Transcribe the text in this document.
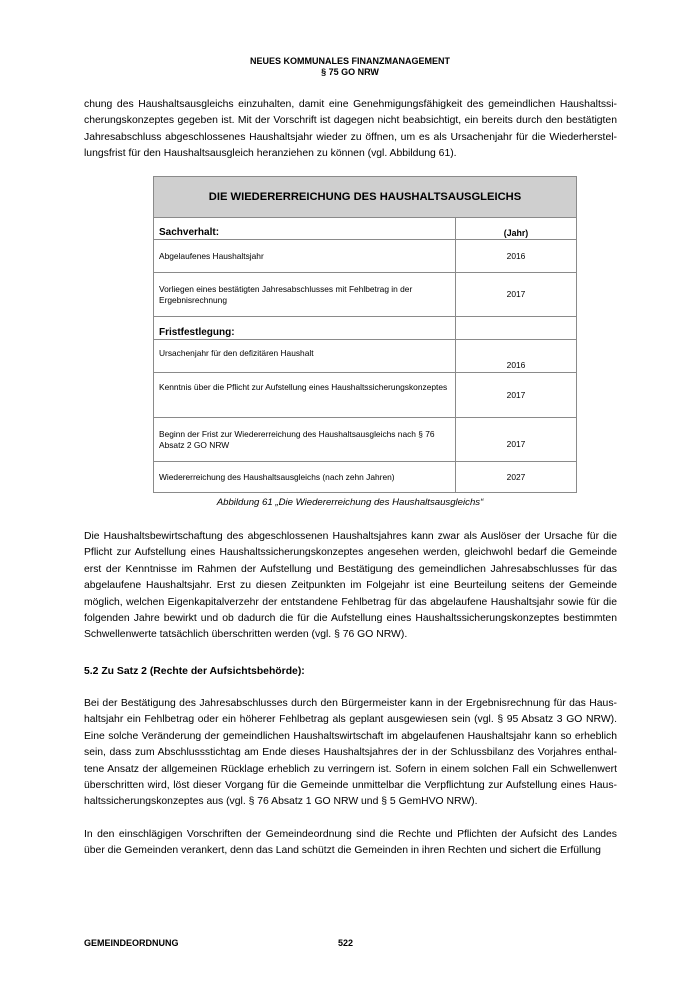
NEUES KOMMUNALES FINANZMANAGEMENT
§ 75 GO NRW
chung des Haushaltsausgleichs einzuhalten, damit eine Genehmigungsfähigkeit des gemeindlichen Haushaltssicherungskonzeptes gegeben ist. Mit der Vorschrift ist dagegen nicht beabsichtigt, ein bereits durch den bestätigten Jahresabschluss abgeschlossenes Haushaltsjahr wieder zu öffnen, um es als Ursachenjahr für die Wiederherstellungsfrist für den Haushaltsausgleich heranziehen zu können (vgl. Abbildung 61).
DIE WIEDERERREICHUNG DES HAUSHALTSAUSGLEICHS	
Sachverhalt:	(Jahr)
Abgelaufenes Haushaltsjahr	2016
Vorliegen eines bestätigten Jahresabschlusses mit Fehlbetrag in der Ergebnisrechnung	2017
Fristfestlegung:	
Ursachenjahr für den defizitären Haushalt	2016
Kenntnis über die Pflicht zur Aufstellung eines Haushaltssicherungskonzeptes	2017
Beginn der Frist zur Wiedererreichung des Haushaltsausgleichs nach § 76 Absatz 2 GO NRW	2017
Wiedererreichung des Haushaltsausgleichs (nach zehn Jahren)	2027
Abbildung 61 „Die Wiedererreichung des Haushaltsausgleichs“
Die Haushaltsbewirtschaftung des abgeschlossenen Haushaltsjahres kann zwar als Auslöser der Ursache für die Pflicht zur Aufstellung eines Haushaltssicherungskonzeptes angesehen werden, gleichwohl bedarf die Gemeinde erst der Kenntnisse im Rahmen der Aufstellung und Bestätigung des gemeindlichen Jahresabschlusses für das abgelaufene Haushaltsjahr. Erst zu diesen Zeitpunkten im Folgejahr ist eine Beurteilung seitens der Gemeinde möglich, welchen Eigenkapitalverzehr der entstandene Fehlbetrag für das abgelaufene Haushaltsjahr sowie für die folgenden Jahre bewirkt und ob dadurch die für die Aufstellung eines Haushaltssicherungskonzeptes bestimmten Schwellenwerte tatsächlich überschritten werden (vgl. § 76 GO NRW).
5.2 Zu Satz 2 (Rechte der Aufsichtsbehörde):
Bei der Bestätigung des Jahresabschlusses durch den Bürgermeister kann in der Ergebnisrechnung für das Haushaltsjahr ein Fehlbetrag oder ein höherer Fehlbetrag als geplant ausgewiesen sein (vgl. § 95 Absatz 3 GO NRW). Eine solche Veränderung der gemeindlichen Haushaltswirtschaft im abgelaufenen Haushaltsjahr kann so erheblich sein, dass zum Abschlussstichtag am Ende dieses Haushaltsjahres der in der Schlussbilanz des Vorjahres enthaltene Ansatz der allgemeinen Rücklage erheblich zu verringern ist. Sofern in einem solchen Fall ein Schwellenwert überschritten wird, löst dieser Vorgang für die Gemeinde unmittelbar die Verpflichtung zur Aufstellung eines Haushaltssicherungskonzeptes aus (vgl. § 76 Absatz 1 GO NRW und § 5 GemHVO NRW).
In den einschlägigen Vorschriften der Gemeindeordnung sind die Rechte und Pflichten der Aufsicht des Landes über die Gemeinden verankert, denn das Land schützt die Gemeinden in ihren Rechten und sichert die Erfüllung
GEMEINDEORDNUNG	522
